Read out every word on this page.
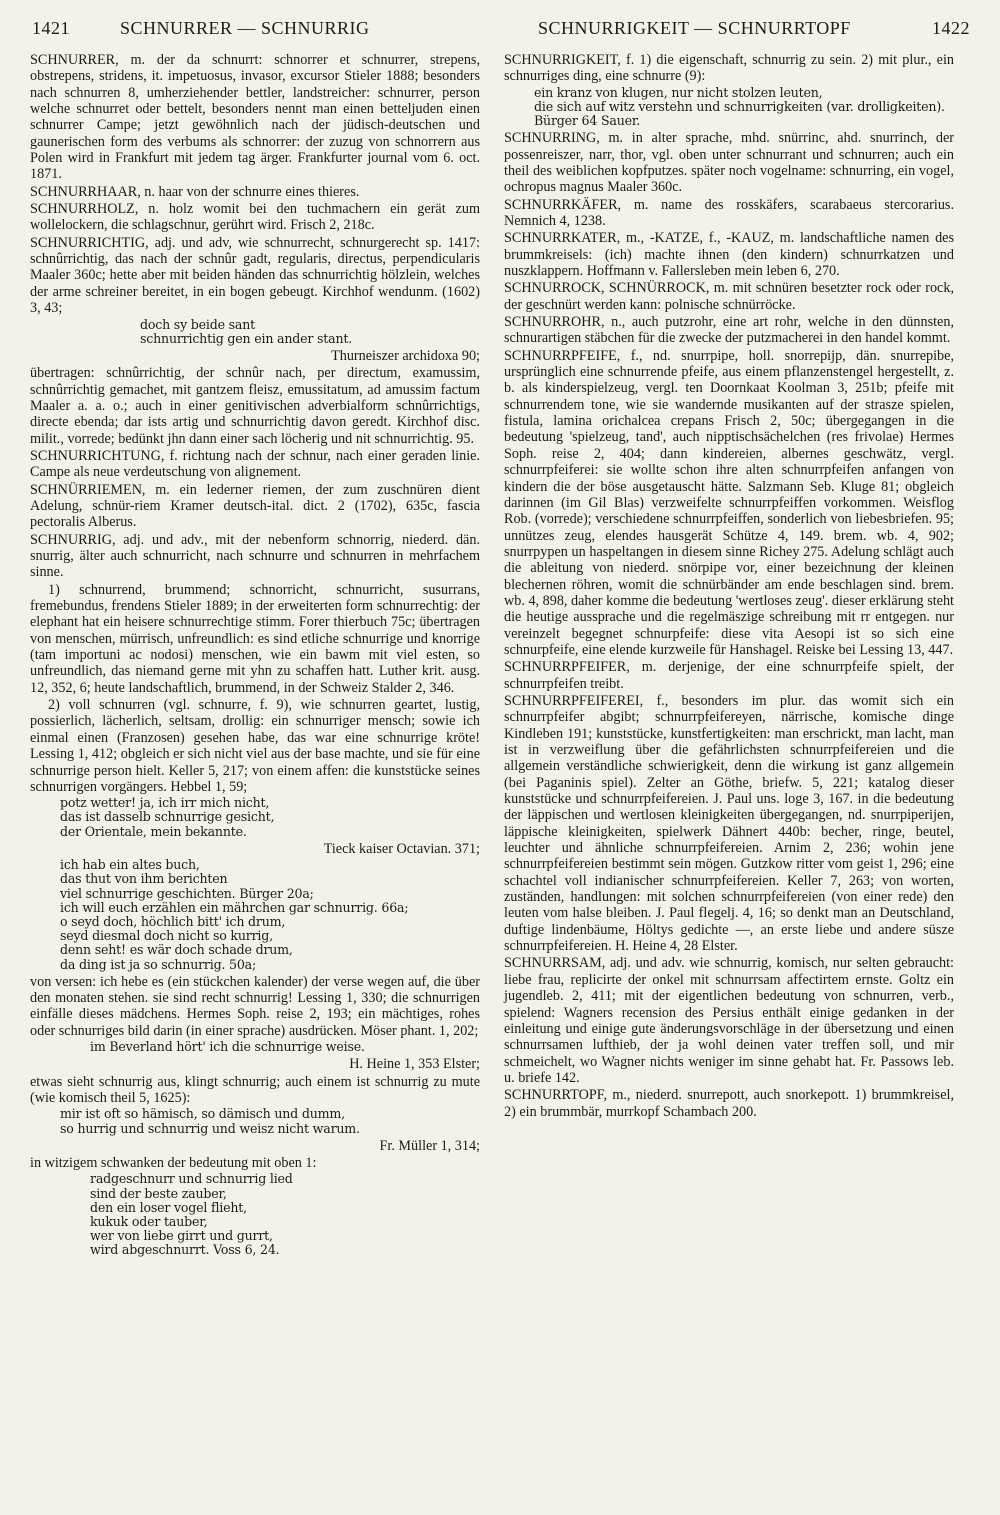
1421	SCHNURRER — SCHNURRIG	SCHNURRIGKEIT — SCHNURRTOPF	1422

SCHNURRER, m. der da schnurrt: schnorrer et schnurrer, strepens, obstrepens, stridens, it. impetuosus, invasor, excursor Stieler 1888; besonders nach schnurren 8, umherziehender bettler, landstreicher: schnurrer, person welche schnurret oder bettelt, besonders nennt man einen betteljuden einen schnurrer Campe; jetzt gewöhnlich nach der jüdisch-deutschen und gaunerischen form des verbums als schnorrer: der zuzug von schnorrern aus Polen wird in Frankfurt mit jedem tag ärger. Frankfurter journal vom 6. oct. 1871.

SCHNURRHAAR, n. haar von der schnurre eines thieres.

SCHNURRHOLZ, n. holz womit bei den tuchmachern ein gerät zum wollelockern, die schlagschnur, gerührt wird. Frisch 2, 218c.

SCHNURRICHTIG, adj. und adv, wie schnurrecht, schnurgerecht sp. 1417: schnûrrichtig, das nach der schnûr gadt, regularis, directus, perpendicularis Maaler 360c; hette aber mit beiden händen das schnurrichtig hölzlein, welches der arme schreiner bereitet, in ein bogen gebeugt. Kirchhof wendunm. (1602) 3, 43;

doch sy beide sant
schnurrichtig gen ein ander stant.

Thurneiszer archidoxa 90;

übertragen: schnûrrichtig, der schnûr nach, per directum, examussim, schnûrrichtig gemachet, mit gantzem fleisz, emussitatum, ad amussim factum Maaler a. a. o.; auch in einer genitivischen adverbialform schnûrrichtigs, directe ebenda; dar ists artig und schnurrichtig davon geredt. Kirchhof disc. milit., vorrede; bedünkt jhn dann einer sach löcherig und nit schnurrichtig. 95.

SCHNURRICHTUNG, f. richtung nach der schnur, nach einer geraden linie. Campe als neue verdeutschung von alignement.

SCHNÜRRIEMEN, m. ein lederner riemen, der zum zuschnüren dient Adelung, schnür-riem Kramer deutsch-ital. dict. 2 (1702), 635c, fascia pectoralis Alberus.

SCHNURRIG, adj. und adv., mit der nebenform schnorrig, niederd. dän. snurrig, älter auch schnurricht, nach schnurre und schnurren in mehrfachem sinne.

1) schnurrend, brummend; schnorricht, schnurricht, susurrans, fremebundus, frendens Stieler 1889; in der erweiterten form schnurrechtig: der elephant hat ein heisere schnurrechtige stimm. Forer thierbuch 75c; übertragen von menschen, mürrisch, unfreundlich: es sind etliche schnurrige und knorrige (tam importuni ac nodosi) menschen, wie ein bawm mit viel esten, so unfreundlich, das niemand gerne mit yhn zu schaffen hatt. Luther krit. ausg. 12, 352, 6; heute landschaftlich, brummend, in der Schweiz Stalder 2, 346.

2) voll schnurren (vgl. schnurre, f. 9), wie schnurren geartet, lustig, possierlich, lächerlich, seltsam, drollig: ein schnurriger mensch; sowie ich einmal einen (Franzosen) gesehen habe, das war eine schnurrige kröte! Lessing 1, 412; obgleich er sich nicht viel aus der base machte, und sie für eine schnurrige person hielt. Keller 5, 217; von einem affen: die kunststücke seines schnurrigen vorgängers. Hebbel 1, 59;

potz wetter! ja, ich irr mich nicht,
das ist dasselb schnurrige gesicht,
der Orientale, mein bekannte.

Tieck kaiser Octavian. 371;

ich hab ein altes buch,
das thut von ihm berichten
viel schnurrige geschichten. Bürger 20a;
ich will euch erzählen ein mährchen gar schnurrig. 66a;
o seyd doch, höchlich bitt' ich drum,
seyd diesmal doch nicht so kurrig,
denn seht! es wär doch schade drum,
da ding ist ja so schnurrig. 50a;

von versen: ich hebe es (ein stückchen kalender) der verse wegen auf, die über den monaten stehen. sie sind recht schnurrig! Lessing 1, 330; die schnurrigen einfälle dieses mädchens. Hermes Soph. reise 2, 193; ein mächtiges, rohes oder schnurriges bild darin (in einer sprache) ausdrücken. Möser phant. 1, 202;

im Beverland hört' ich die schnurrige weise.

H. Heine 1, 353 Elster;

etwas sieht schnurrig aus, klingt schnurrig; auch einem ist schnurrig zu mute (wie komisch theil 5, 1625):

mir ist oft so hämisch, so dämisch und dumm,
so hurrig und schnurrig und weisz nicht warum.

Fr. Müller 1, 314;

in witzigem schwanken der bedeutung mit oben 1:

radgeschnurr und schnurrig lied
sind der beste zauber,
den ein loser vogel flieht,
kukuk oder tauber,
wer von liebe girrt und gurrt,
wird abgeschnurrt. Voss 6, 24.

SCHNURRIGKEIT, f. 1) die eigenschaft, schnurrig zu sein. 2) mit plur., ein schnurriges ding, eine schnurre (9):

ein kranz von klugen, nur nicht stolzen leuten,
die sich auf witz verstehn und schnurrigkeiten (var. drolligkeiten). Bürger 64 Sauer.

SCHNURRING, m. in alter sprache, mhd. snürrinc, ahd. snurrinch, der possenreiszer, narr, thor, vgl. oben unter schnurrant und schnurren; auch ein theil des weiblichen kopfputzes. später noch vogelname: schnurring, ein vogel, ochropus magnus Maaler 360c.

SCHNURRKÄFER, m. name des rosskäfers, scarabaeus stercorarius. Nemnich 4, 1238.

SCHNURRKATER, m., -KATZE, f., -KAUZ, m. landschaftliche namen des brummkreisels: (ich) machte ihnen (den kindern) schnurrkatzen und nuszklappern. Hoffmann v. Fallersleben mein leben 6, 270.

SCHNURROCK, SCHNÜRROCK, m. mit schnüren besetzter rock oder rock, der geschnürt werden kann: polnische schnürröcke.

SCHNURROHR, n., auch putzrohr, eine art rohr, welche in den dünnsten, schnurartigen stäbchen für die zwecke der putzmacherei in den handel kommt.

SCHNURRPFEIFE, f., nd. snurrpipe, holl. snorrepijp, dän. snurrepibe, ursprünglich eine schnurrende pfeife, aus einem pflanzenstengel hergestellt, z. b. als kinderspielzeug, vergl. ten Doornkaat Koolman 3, 251b; pfeife mit schnurrendem tone, wie sie wandernde musikanten auf der strasze spielen, fistula, lamina orichalcea crepans Frisch 2, 50c; übergegangen in die bedeutung 'spielzeug, tand', auch nipptischsächelchen (res frivolae) Hermes Soph. reise 2, 404; dann kindereien, albernes geschwätz, vergl. schnurrpfeiferei: sie wollte schon ihre alten schnurrpfeifen anfangen von kindern die der böse ausgetauscht hätte. Salzmann Seb. Kluge 81; obgleich darinnen (im Gil Blas) verzweifelte schnurrpfeiffen vorkommen. Weisflog Rob. (vorrede); verschiedene schnurrpfeiffen, sonderlich von liebesbriefen. 95; unnützes zeug, elendes hausgerät Schütze 4, 149. brem. wb. 4, 902; snurrpypen un haspeltangen in diesem sinne Richey 275. Adelung schlägt auch die ableitung von niederd. snörpipe vor, einer bezeichnung der kleinen blechernen röhren, womit die schnürbänder am ende beschlagen sind. brem. wb. 4, 898, daher komme die bedeutung 'wertloses zeug'. dieser erklärung steht die heutige aussprache und die regelmäszige schreibung mit rr entgegen. nur vereinzelt begegnet schnurpfeife: diese vita Aesopi ist so sich eine schnurpfeife, eine elende kurzweile für Hanshagel. Reiske bei Lessing 13, 447.

SCHNURRPFEIFER, m. derjenige, der eine schnurrpfeife spielt, der schnurrpfeifen treibt.

SCHNURRPFEIFEREI, f., besonders im plur. das womit sich ein schnurrpfeifer abgibt; schnurrpfeifereyen, närrische, komische dinge Kindleben 191; kunststücke, kunstfertigkeiten: man erschrickt, man lacht, man ist in verzweiflung über die gefährlichsten schnurrpfeifereien und die allgemein verständliche schwierigkeit, denn die wirkung ist ganz allgemein (bei Paganinis spiel). Zelter an Göthe, briefw. 5, 221; katalog dieser kunststücke und schnurrpfeifereien. J. Paul uns. loge 3, 167. in die bedeutung der läppischen und wertlosen kleinigkeiten übergegangen, nd. snurrpiperijen, läppische kleinigkeiten, spielwerk Dähnert 440b: becher, ringe, beutel, leuchter und ähnliche schnurrpfeifereien. Arnim 2, 236; wohin jene schnurrpfeifereien bestimmt sein mögen. Gutzkow ritter vom geist 1, 296; eine schachtel voll indianischer schnurrpfeifereien. Keller 7, 263; von worten, zuständen, handlungen: mit solchen schnurrpfeifereien (von einer rede) den leuten vom halse bleiben. J. Paul flegelj. 4, 16; so denkt man an Deutschland, duftige lindenbäume, Höltys gedichte —, an erste liebe und andere süsze schnurrpfeifereien. H. Heine 4, 28 Elster.

SCHNURRSAM, adj. und adv. wie schnurrig, komisch, nur selten gebraucht: liebe frau, replicirte der onkel mit schnurrsam affectirtem ernste. Goltz ein jugendleb. 2, 411; mit der eigentlichen bedeutung von schnurren, verb., spielend: Wagners recension des Persius enthält einige gedanken in der einleitung und einige gute änderungsvorschläge in der übersetzung und einen schnurrsamen lufthieb, der ja wohl deinen vater treffen soll, und mir schmeichelt, wo Wagner nichts weniger im sinne gehabt hat. Fr. Passows leb. u. briefe 142.

SCHNURRTOPF, m., niederd. snurrepott, auch snorkepott. 1) brummkreisel, 2) ein brummbär, murrkopf Schambach 200.
